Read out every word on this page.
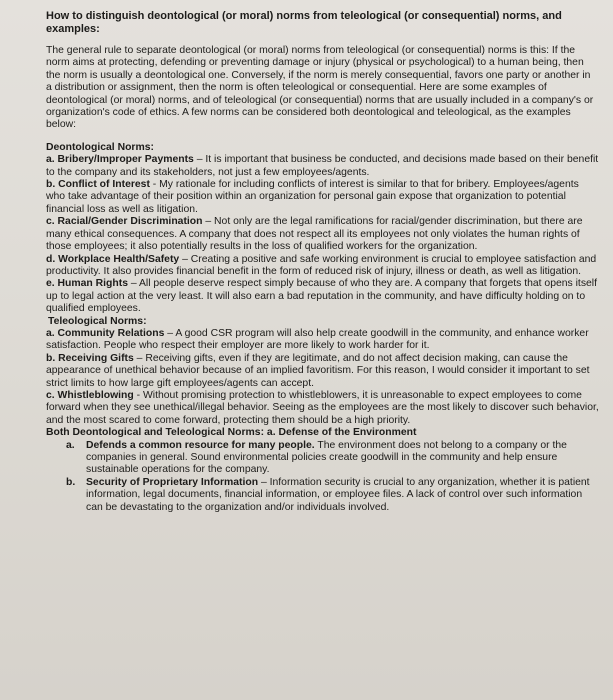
How to distinguish deontological (or moral) norms from teleological (or consequential) norms, and examples:

The general rule to separate deontological (or moral) norms from teleological (or consequential) norms is this: If the norm aims at protecting, defending or preventing damage or injury (physical or psychological) to a human being, then the norm is usually a deontological one. Conversely, if the norm is merely consequential, favors one party or another in a distribution or assignment, then the norm is often teleological or consequential. Here are some examples of deontological (or moral) norms, and of teleological (or consequential) norms that are usually included in a company's or organization's code of ethics. A few norms can be considered both deontological and teleological, as the examples below:

Deontological Norms:

a. Bribery/Improper Payments – It is important that business be conducted, and decisions made based on their benefit to the company and its stakeholders, not just a few employees/agents.

b. Conflict of Interest - My rationale for including conflicts of interest is similar to that for bribery. Employees/agents who take advantage of their position within an organization for personal gain expose that organization to potential financial loss as well as litigation.

c. Racial/Gender Discrimination – Not only are the legal ramifications for racial/gender discrimination, but there are many ethical consequences. A company that does not respect all its employees not only violates the human rights of those employees; it also potentially results in the loss of qualified workers for the organization.

d. Workplace Health/Safety – Creating a positive and safe working environment is crucial to employee satisfaction and productivity. It also provides financial benefit in the form of reduced risk of injury, illness or death, as well as litigation.

e. Human Rights – All people deserve respect simply because of who they are. A company that forgets that opens itself up to legal action at the very least. It will also earn a bad reputation in the community, and have difficulty holding on to qualified employees.

Teleological Norms:

a. Community Relations – A good CSR program will also help create goodwill in the community, and enhance worker satisfaction. People who respect their employer are more likely to work harder for it.

b. Receiving Gifts – Receiving gifts, even if they are legitimate, and do not affect decision making, can cause the appearance of unethical behavior because of an implied favoritism. For this reason, I would consider it important to set strict limits to how large gift employees/agents can accept.

c. Whistleblowing - Without promising protection to whistleblowers, it is unreasonable to expect employees to come forward when they see unethical/illegal behavior. Seeing as the employees are the most likely to discover such behavior, and the most scared to come forward, protecting them should be a high priority.

Both Deontological and Teleological Norms: a. Defense of the Environment

a. Defends a common resource for many people. The environment does not belong to a company or the companies in general. Sound environmental policies create goodwill in the community and help ensure sustainable operations for the company.
b. Security of Proprietary Information – Information security is crucial to any organization, whether it is patient information, legal documents, financial information, or employee files. A lack of control over such information can be devastating to the organization and/or individuals involved.
